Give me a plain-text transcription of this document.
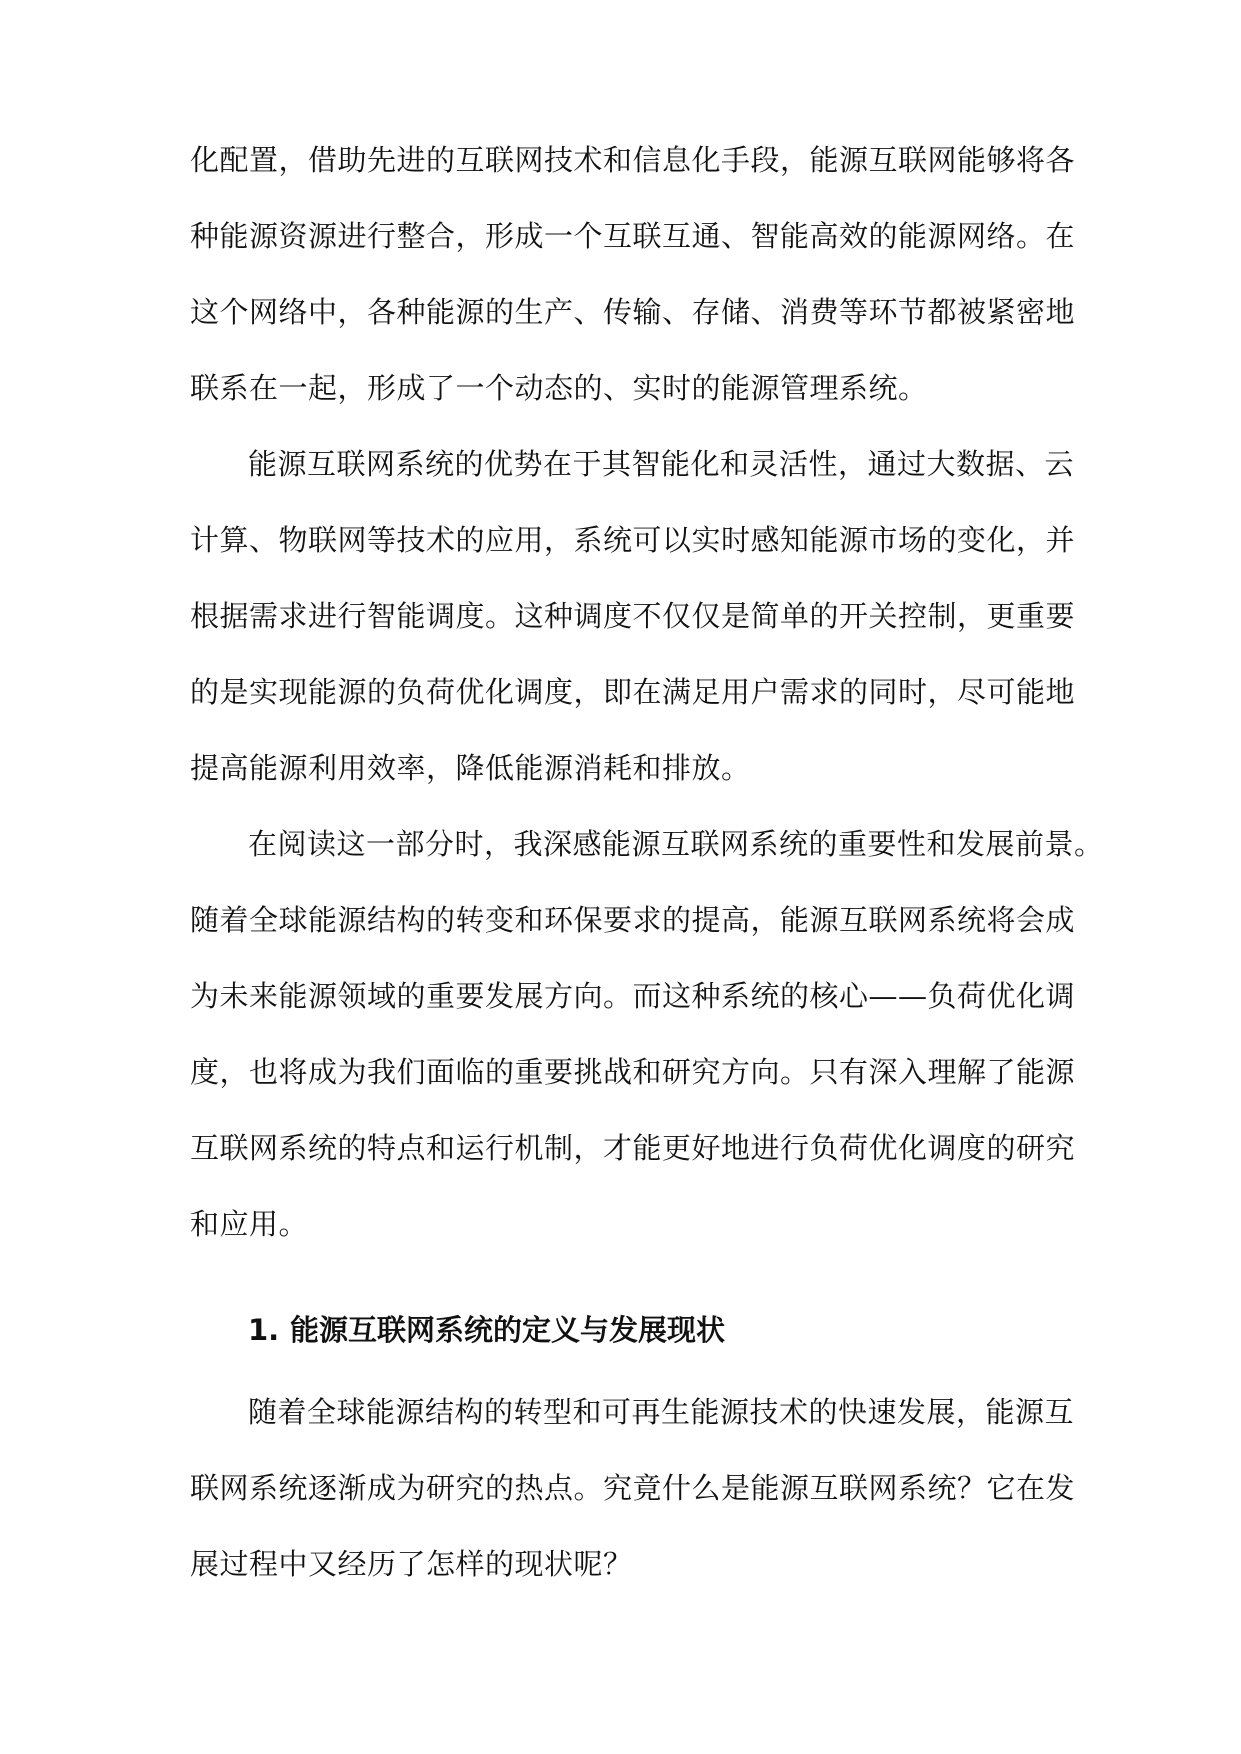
化配置，借助先进的互联网技术和信息化手段，能源互联网能够将各
种能源资源进行整合，形成一个互联互通、智能高效的能源网络。在
这个网络中，各种能源的生产、传输、存储、消费等环节都被紧密地
联系在一起，形成了一个动态的、实时的能源管理系统。
能源互联网系统的优势在于其智能化和灵活性，通过大数据、云
计算、物联网等技术的应用，系统可以实时感知能源市场的变化，并
根据需求进行智能调度。这种调度不仅仅是简单的开关控制，更重要
的是实现能源的负荷优化调度，即在满足用户需求的同时，尽可能地
提高能源利用效率，降低能源消耗和排放。
在阅读这一部分时，我深感能源互联网系统的重要性和发展前景。
随着全球能源结构的转变和环保要求的提高，能源互联网系统将会成
为未来能源领域的重要发展方向。而这种系统的核心——负荷优化调
度，也将成为我们面临的重要挑战和研究方向。只有深入理解了能源
互联网系统的特点和运行机制，才能更好地进行负荷优化调度的研究
和应用。
1. 能源互联网系统的定义与发展现状
随着全球能源结构的转型和可再生能源技术的快速发展，能源互
联网系统逐渐成为研究的热点。究竟什么是能源互联网系统？它在发
展过程中又经历了怎样的现状呢？
